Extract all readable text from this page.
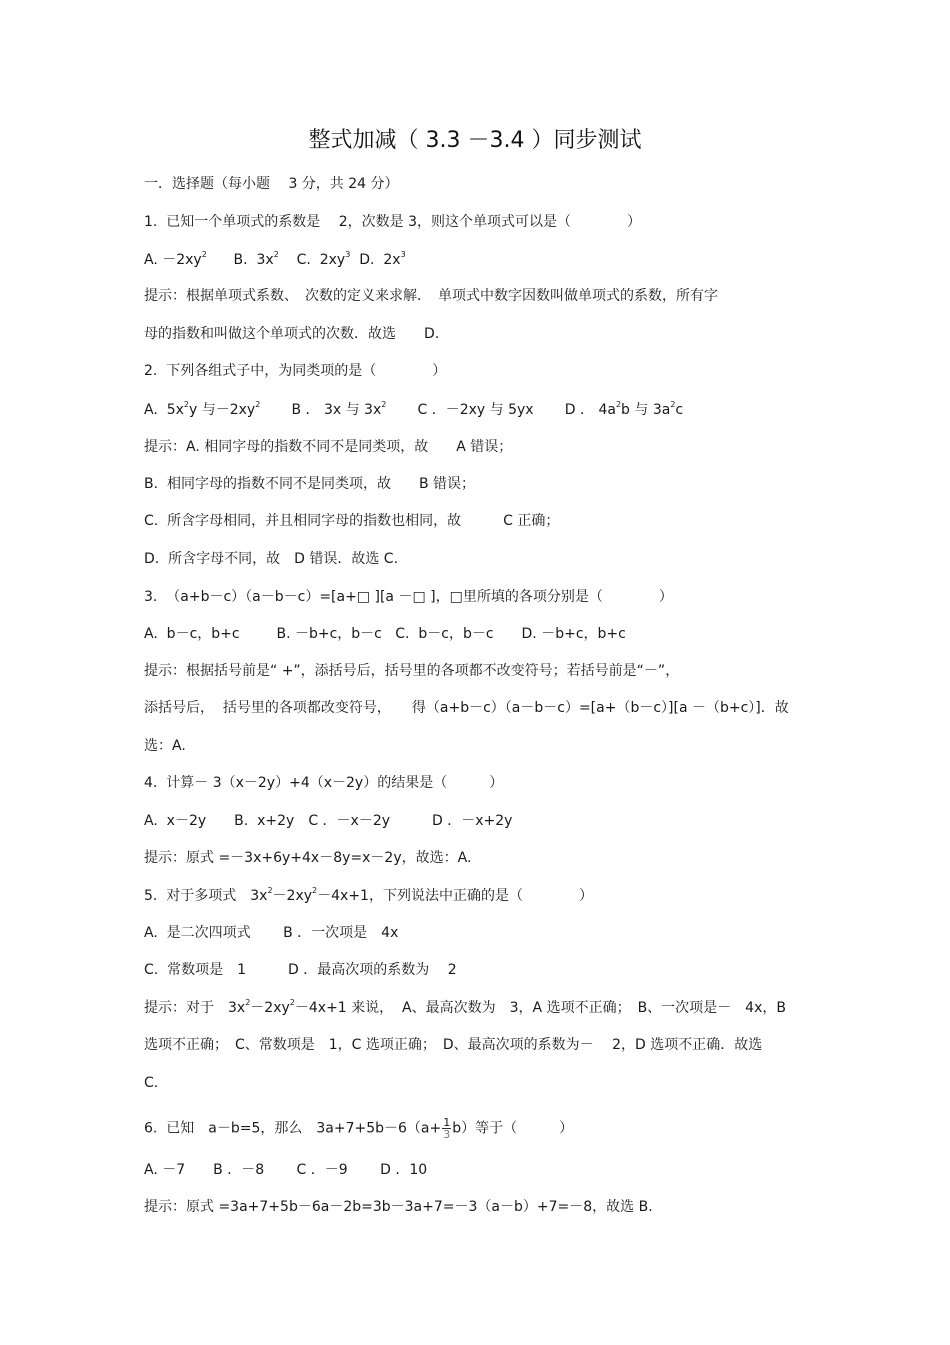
整式加减（ 3.3 －3.4 ）同步测试
一．选择题（每小题　 3 分，共 24 分）
1.  已知一个单项式的系数是　 2，次数是 3，则这个单项式可以是（　　　　）
A. $-2xy^2$ B. $3x^2$ C. $2xy^3$ D. $2x^3$
提示：根据单项式系数、　次数的定义来求解．　单项式中数字因数叫做单项式的系数，所有字
母的指数和叫做这个单项式的次数．故选　　D.
2.  下列各组式子中，为同类项的是（　　　　）
A. $5x^2y$ 与$-2xy^2$ B ． 3x 与 $3x^2$ C ．－2xy 与 5yx D ． $4a^2b$ 与 $3a^2c$
提示：A. 相同字母的指数不同不是同类项，故　　A 错误；
B.  相同字母的指数不同不是同类项，故　　B 错误；
C.  所含字母相同，并且相同字母的指数也相同，故　　　C 正确；
D.  所含字母不同，故　D 错误．故选 C.
3.  （a+b－c）（a－b－c）=[a+□ ][a －□ ]，□里所填的各项分别是（　　　　）
A.  b－c，b+c　　  B. －b+c，b－c   C.  b－c，b－c　　D. －b+c，b+c
提示：根据括号前是“ +”，添括号后，括号里的各项都不改变符号；若括号前是“－”，
添括号后，  括号里的各项都改变符号，　　得（a+b－c）（a－b－c）=[a+（b－c）][a －（b+c）]．故
选：A.
4.  计算－ 3（x－2y）+4（x－2y）的结果是（　　　）
A.  x－2y　　B.  x+2y　C ．－x－2y　　　D ．－x+2y
提示：原式 =－3x+6y+4x－8y=x－2y，故选：A.
5.  对于多项式　$3x^2-2xy^2-4x+1$，下列说法中正确的是（　　　　）
A.  是二次四项式　　 B ．一次项是　4x
C.  常数项是　1　　　D ．最高次项的系数为　 2
提示：对于　$3x^2-2xy^2-4x+1$ 来说，  A、最高次数为　3，A 选项不正确；　B、一次项是－　4x，B
选项不正确；　C、常数项是　1，C 选项正确；　D、最高次项的系数为－　 2，D 选项不正确．故选
C.
6.  已知　a－b=5，那么　$3a+7+5b-6(a+ \frac{1}{3} b)$等于（　　　）
A. －7　　B ．－8　　 C ．－9　　 D ．10
提示：原式 =3a+7+5b－6a－2b=3b－3a+7=－3（a－b）+7=－8，故选 B.
